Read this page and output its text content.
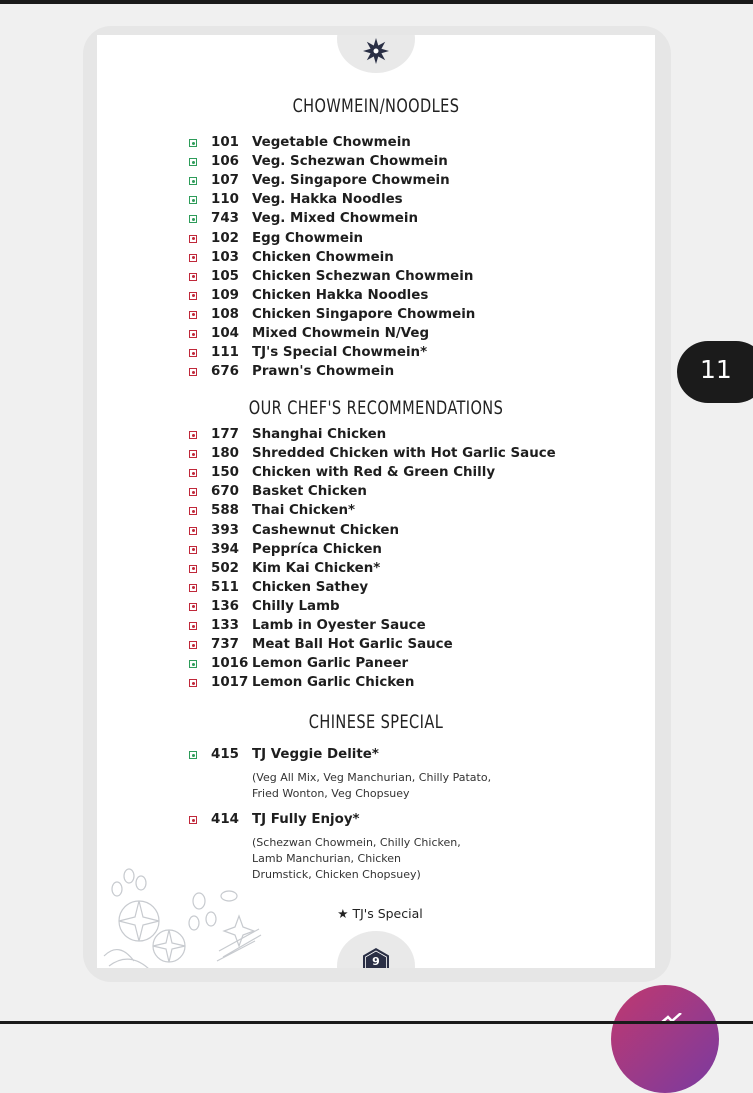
CHOWMEIN/NOODLES
101 Vegetable Chowmein
106 Veg. Schezwan Chowmein
107 Veg. Singapore Chowmein
110 Veg. Hakka Noodles
743 Veg. Mixed Chowmein
102 Egg Chowmein
103 Chicken Chowmein
105 Chicken Schezwan Chowmein
109 Chicken Hakka Noodles
108 Chicken Singapore Chowmein
104 Mixed Chowmein N/Veg
111 TJ's Special Chowmein*
676 Prawn's Chowmein
OUR CHEF'S RECOMMENDATIONS
177 Shanghai Chicken
180 Shredded Chicken with Hot Garlic Sauce
150 Chicken with Red & Green Chilly
670 Basket Chicken
588 Thai Chicken*
393 Cashewnut Chicken
394 Peppríca Chicken
502 Kim Kai Chicken*
511 Chicken Sathey
136 Chilly Lamb
133 Lamb in Oyester Sauce
737 Meat Ball Hot Garlic Sauce
1016 Lemon Garlic Paneer
1017 Lemon Garlic Chicken
CHINESE SPECIAL
415 TJ Veggie Delite*
(Veg All Mix, Veg Manchurian, Chilly Patato,
Fried Wonton, Veg Chopsuey
414 TJ Fully Enjoy*
(Schezwan Chowmein, Chilly Chicken,
Lamb Manchurian, Chicken
Drumstick, Chicken Chopsuey)
★ TJ's Special
9
11
